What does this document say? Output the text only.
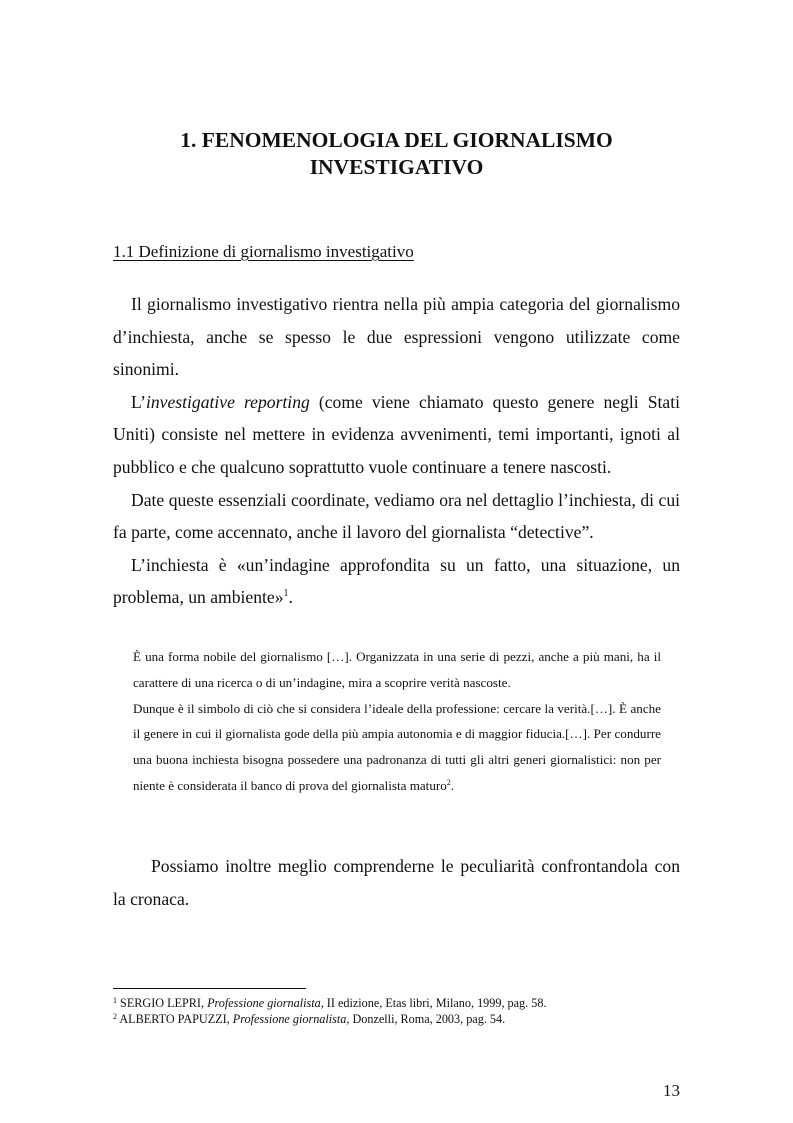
1. FENOMENOLOGIA DEL GIORNALISMO
INVESTIGATIVO
1.1 Definizione di giornalismo investigativo

Il giornalismo investigativo rientra nella più ampia categoria del giornalismo d’inchiesta, anche se spesso le due espressioni vengono utilizzate come sinonimi.

L’investigative reporting (come viene chiamato questo genere negli Stati Uniti) consiste nel mettere in evidenza avvenimenti, temi importanti, ignoti al pubblico e che qualcuno soprattutto vuole continuare a tenere nascosti.

Date queste essenziali coordinate, vediamo ora nel dettaglio l’inchiesta, di cui fa parte, come accennato, anche il lavoro del giornalista “detective”.

L’inchiesta è «un’indagine approfondita su un fatto, una situazione, un problema, un ambiente»$^1$.

È una forma nobile del giornalismo […]. Organizzata in una serie di pezzi, anche a più mani, ha il carattere di una ricerca o di un’indagine, mira a scoprire verità nascoste.

Dunque è il simbolo di ciò che si considera l’ideale della professione: cercare la verità.[…]. È anche il genere in cui il giornalista gode della più ampia autonomia e di maggior fiducia.[…]. Per condurre una buona inchiesta bisogna possedere una padronanza di tutti gli altri generi giornalistici: non per niente è considerata il banco di prova del giornalista maturo$^2$.

Possiamo inoltre meglio comprenderne le peculiarità confrontandola con la cronaca.

$^1$ SERGIO LEPRI, Professione giornalista, II edizione, Etas libri, Milano, 1999, pag. 58.

$^2$ ALBERTO PAPUZZI, Professione giornalista, Donzelli, Roma, 2003, pag. 54.

13
